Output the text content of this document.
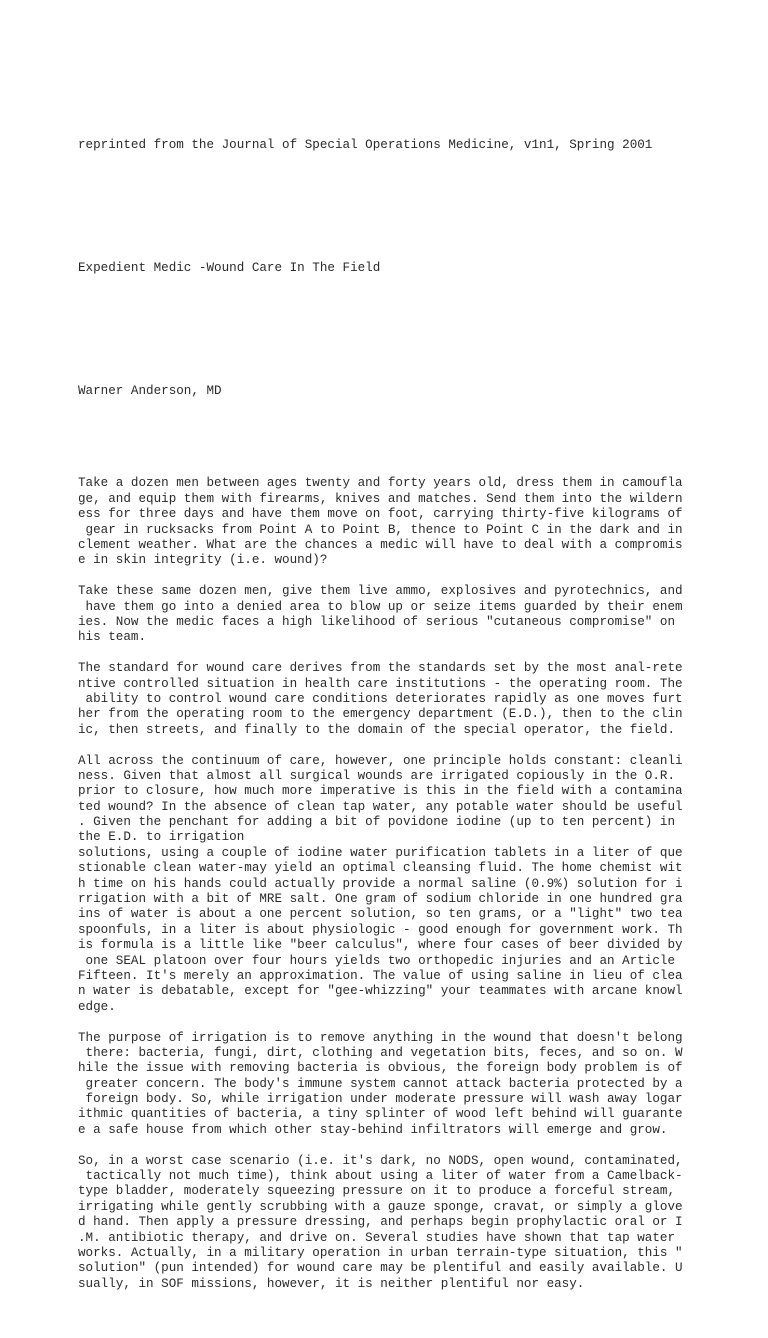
reprinted from the Journal of Special Operations Medicine, v1n1, Spring 2001

Expedient Medic -Wound Care In The Field

Warner Anderson, MD

Take a dozen men between ages twenty and forty years old, dress them in camoufla
ge, and equip them with firearms, knives and matches. Send them into the wildern
ess for three days and have them move on foot, carrying thirty-five kilograms of
gear in rucksacks from Point A to Point B, thence to Point C in the dark and in
clement weather. What are the chances a medic will have to deal with a compromis
e in skin integrity (i.e. wound)?
Take these same dozen men, give them live ammo, explosives and pyrotechnics, and
have them go into a denied area to blow up or seize items guarded by their enem
ies. Now the medic faces a high likelihood of serious "cutaneous compromise" on
his team.
The standard for wound care derives from the standards set by the most anal-rete
ntive controlled situation in health care institutions - the operating room. The
ability to control wound care conditions deteriorates rapidly as one moves furt
her from the operating room to the emergency department (E.D.), then to the clin
ic, then streets, and finally to the domain of the special operator, the field.
All across the continuum of care, however, one principle holds constant: cleanli
ness. Given that almost all surgical wounds are irrigated copiously in the O.R.
prior to closure, how much more imperative is this in the field with a contamina
ted wound? In the absence of clean tap water, any potable water should be useful
. Given the penchant for adding a bit of povidone iodine (up to ten percent) in
the E.D. to irrigation
solutions, using a couple of iodine water purification tablets in a liter of que
stionable clean water-may yield an optimal cleansing fluid. The home chemist wit
h time on his hands could actually provide a normal saline (0.9%) solution for i
rrigation with a bit of MRE salt. One gram of sodium chloride in one hundred gra
ins of water is about a one percent solution, so ten grams, or a "light" two tea
spoonfuls, in a liter is about physiologic - good enough for government work. Th
is formula is a little like "beer calculus", where four cases of beer divided by
one SEAL platoon over four hours yields two orthopedic injuries and an Article
Fifteen. It's merely an approximation. The value of using saline in lieu of clea
n water is debatable, except for "gee-whizzing" your teammates with arcane knowl
edge.
The purpose of irrigation is to remove anything in the wound that doesn't belong
there: bacteria, fungi, dirt, clothing and vegetation bits, feces, and so on. W
hile the issue with removing bacteria is obvious, the foreign body problem is of
greater concern. The body's immune system cannot attack bacteria protected by a
foreign body. So, while irrigation under moderate pressure will wash away logar
ithmic quantities of bacteria, a tiny splinter of wood left behind will guarante
e a safe house from which other stay-behind infiltrators will emerge and grow.
So, in a worst case scenario (i.e. it's dark, no NODS, open wound, contaminated,
tactically not much time), think about using a liter of water from a Camelback-
type bladder, moderately squeezing pressure on it to produce a forceful stream,
irrigating while gently scrubbing with a gauze sponge, cravat, or simply a glove
d hand. Then apply a pressure dressing, and perhaps begin prophylactic oral or I
.M. antibiotic therapy, and drive on. Several studies have shown that tap water
works. Actually, in a military operation in urban terrain-type situation, this "
solution" (pun intended) for wound care may be plentiful and easily available. U
sually, in SOF missions, however, it is neither plentiful nor easy.
